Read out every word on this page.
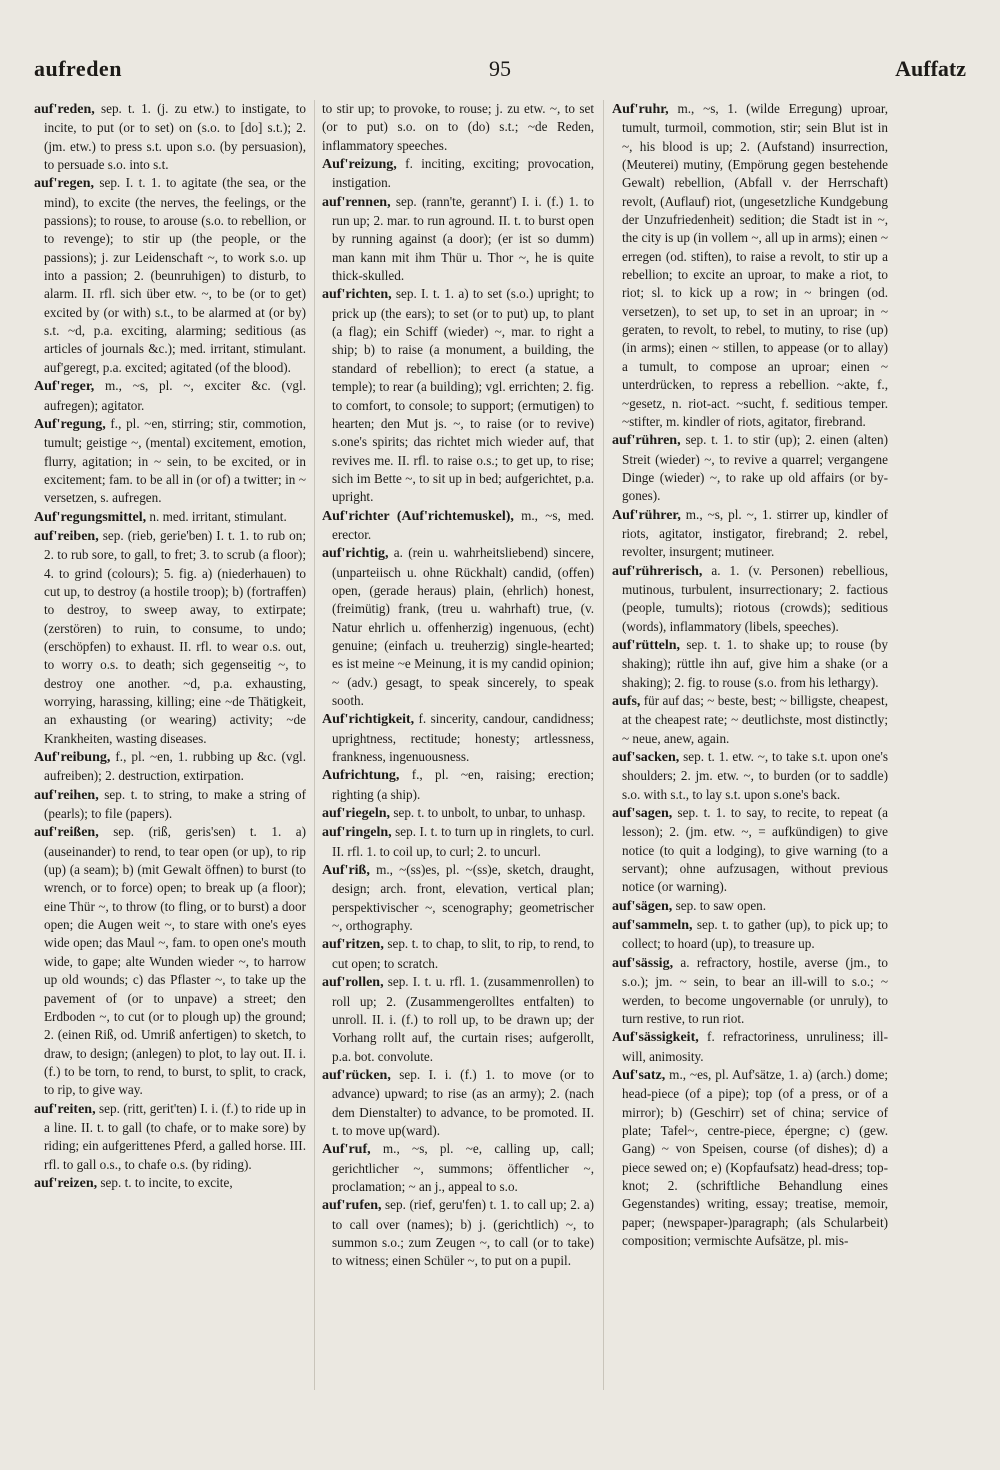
aufreden	95	Auffatz

auf'reden, sep. t. 1. (j. zu etw.) to instigate, to incite, to put (or to set) on (s.o. to [do] s.t.); 2. (jm. etw.) to press s.t. upon s.o. (by persuasion), to persuade s.o. into s.t.

auf'regen, sep. I. t. 1. to agitate (the sea, or the mind), to excite (the nerves, the feelings, or the passions); to rouse, to arouse (s.o. to rebellion, or to revenge); to stir up (the people, or the passions); j. zur Leidenschaft ~, to work s.o. up into a passion; 2. (beunruhigen) to disturb, to alarm. II. rfl. sich über etw. ~, to be (or to get) excited by (or with) s.t., to be alarmed at (or by) s.t. ~d, p.a. exciting, alarming; seditious (as articles of journals &c.); med. irritant, stimulant. auf'geregt, p.a. excited; agitated (of the blood).

Auf'reger, m., ~s, pl. ~, exciter &c. (vgl. aufregen); agitator.

Auf'regung, f., pl. ~en, stirring; stir, commotion, tumult; geistige ~, (mental) excitement, emotion, flurry, agitation; in ~ sein, to be excited, or in excitement; fam. to be all in (or of) a twitter; in ~ versetzen, s. aufregen.

Auf'regungsmittel, n. med. irritant, stimulant.

auf'reiben, sep. (rieb, gerie'ben) I. t. 1. to rub on; 2. to rub sore, to gall, to fret; 3. to scrub (a floor); 4. to grind (colours); 5. fig. a) (niederhauen) to cut up, to destroy (a hostile troop); b) (fortraffen) to destroy, to sweep away, to extirpate; (zerstören) to ruin, to consume, to undo; (erschöpfen) to exhaust. II. rfl. to wear o.s. out, to worry o.s. to death; sich gegenseitig ~, to destroy one another. ~d, p.a. exhausting, worrying, harassing, killing; eine ~de Thätigkeit, an exhausting (or wearing) activity; ~de Krankheiten, wasting diseases.

Auf'reibung, f., pl. ~en, 1. rubbing up &c. (vgl. aufreiben); 2. destruction, extirpation.

auf'reihen, sep. t. to string, to make a string of (pearls); to file (papers).

auf'reißen, sep. (riß, geris'sen) t. 1. a) (auseinander) to rend, to tear open (or up), to rip (up) (a seam); b) (mit Gewalt öffnen) to burst (to wrench, or to force) open; to break up (a floor); eine Thür ~, to throw (to fling, or to burst) a door open; die Augen weit ~, to stare with one's eyes wide open; das Maul ~, fam. to open one's mouth wide, to gape; alte Wunden wieder ~, to harrow up old wounds; c) das Pflaster ~, to take up the pavement of (or to unpave) a street; den Erdboden ~, to cut (or to plough up) the ground; 2. (einen Riß, od. Umriß anfertigen) to sketch, to draw, to design; (anlegen) to plot, to lay out. II. i. (f.) to be torn, to rend, to burst, to split, to crack, to rip, to give way.

auf'reiten, sep. (ritt, gerit'ten) I. i. (f.) to ride up in a line. II. t. to gall (to chafe, or to make sore) by riding; ein aufgerittenes Pferd, a galled horse. III. rfl. to gall o.s., to chafe o.s. (by riding).

auf'reizen, sep. t. to incite, to excite,

to stir up; to provoke, to rouse; j. zu etw. ~, to set (or to put) s.o. on to (do) s.t.; ~de Reden, inflammatory speeches.

Auf'reizung, f. inciting, exciting; provocation, instigation.

auf'rennen, sep. (rann'te, gerannt') I. i. (f.) 1. to run up; 2. mar. to run aground. II. t. to burst open by running against (a door); (er ist so dumm) man kann mit ihm Thür u. Thor ~, he is quite thick-skulled.

auf'richten, sep. I. t. 1. a) to set (s.o.) upright; to prick up (the ears); to set (or to put) up, to plant (a flag); ein Schiff (wieder) ~, mar. to right a ship; b) to raise (a monument, a building, the standard of rebellion); to erect (a statue, a temple); to rear (a building); vgl. errichten; 2. fig. to comfort, to console; to support; (ermutigen) to hearten; den Mut js. ~, to raise (or to revive) s.one's spirits; das richtet mich wieder auf, that revives me. II. rfl. to raise o.s.; to get up, to rise; sich im Bette ~, to sit up in bed; aufgerichtet, p.a. upright.

Auf'richter (Auf'richtemuskel), m., ~s, med. erector.

auf'richtig, a. (rein u. wahrheitsliebend) sincere, (unparteiisch u. ohne Rückhalt) candid, (offen) open, (gerade heraus) plain, (ehrlich) honest, (freimütig) frank, (treu u. wahrhaft) true, (v. Natur ehrlich u. offenherzig) ingenuous, (echt) genuine; (einfach u. treuherzig) single-hearted; es ist meine ~e Meinung, it is my candid opinion; ~ (adv.) gesagt, to speak sincerely, to speak sooth.

Auf'richtigkeit, f. sincerity, candour, candidness; uprightness, rectitude; honesty; artlessness, frankness, ingenuousness.

Aufrichtung, f., pl. ~en, raising; erection; righting (a ship).

auf'riegeln, sep. t. to unbolt, to unbar, to unhasp.

auf'ringeln, sep. I. t. to turn up in ringlets, to curl. II. rfl. 1. to coil up, to curl; 2. to uncurl.

Auf'riß, m., ~(ss)es, pl. ~(ss)e, sketch, draught, design; arch. front, elevation, vertical plan; perspektivischer ~, scenography; geometrischer ~, orthography.

auf'ritzen, sep. t. to chap, to slit, to rip, to rend, to cut open; to scratch.

auf'rollen, sep. I. t. u. rfl. 1. (zusammenrollen) to roll up; 2. (Zusammengerolltes entfalten) to unroll. II. i. (f.) to roll up, to be drawn up; der Vorhang rollt auf, the curtain rises; aufgerollt, p.a. bot. convolute.

auf'rücken, sep. I. i. (f.) 1. to move (or to advance) upward; to rise (as an army); 2. (nach dem Dienstalter) to advance, to be promoted. II. t. to move up(ward).

Auf'ruf, m., ~s, pl. ~e, calling up, call; gerichtlicher ~, summons; öffentlicher ~, proclamation; ~ an j., appeal to s.o.

auf'rufen, sep. (rief, geru'fen) t. 1. to call up; 2. a) to call over (names); b) j. (gerichtlich) ~, to summon s.o.; zum Zeugen ~, to call (or to take) to witness; einen Schüler ~, to put on a pupil.

Auf'ruhr, m., ~s, 1. (wilde Erregung) uproar, tumult, turmoil, commotion, stir; sein Blut ist in ~, his blood is up; 2. (Aufstand) insurrection, (Meuterei) mutiny, (Empörung gegen bestehende Gewalt) rebellion, (Abfall v. der Herrschaft) revolt, (Auflauf) riot, (ungesetzliche Kundgebung der Unzufriedenheit) sedition; die Stadt ist in ~, the city is up (in vollem ~, all up in arms); einen ~ erregen (od. stiften), to raise a revolt, to stir up a rebellion; to excite an uproar, to make a riot, to riot; sl. to kick up a row; in ~ bringen (od. versetzen), to set up, to set in an uproar; in ~ geraten, to revolt, to rebel, to mutiny, to rise (up) (in arms); einen ~ stillen, to appease (or to allay) a tumult, to compose an uproar; einen ~ unterdrücken, to repress a rebellion. ~akte, f., ~gesetz, n. riot-act. ~sucht, f. seditious temper. ~stifter, m. kindler of riots, agitator, firebrand.

auf'rühren, sep. t. 1. to stir (up); 2. einen (alten) Streit (wieder) ~, to revive a quarrel; vergangene Dinge (wieder) ~, to rake up old affairs (or by-gones).

Auf'rührer, m., ~s, pl. ~, 1. stirrer up, kindler of riots, agitator, instigator, firebrand; 2. rebel, revolter, insurgent; mutineer.

auf'rührerisch, a. 1. (v. Personen) rebellious, mutinous, turbulent, insurrectionary; 2. factious (people, tumults); riotous (crowds); seditious (words), inflammatory (libels, speeches).

auf'rütteln, sep. t. 1. to shake up; to rouse (by shaking); rüttle ihn auf, give him a shake (or a shaking); 2. fig. to rouse (s.o. from his lethargy).

aufs, für auf das; ~ beste, best; ~ billigste, cheapest, at the cheapest rate; ~ deutlichste, most distinctly; ~ neue, anew, again.

auf'sacken, sep. t. 1. etw. ~, to take s.t. upon one's shoulders; 2. jm. etw. ~, to burden (or to saddle) s.o. with s.t., to lay s.t. upon s.one's back.

auf'sagen, sep. t. 1. to say, to recite, to repeat (a lesson); 2. (jm. etw. ~, = aufkündigen) to give notice (to quit a lodging), to give warning (to a servant); ohne aufzusagen, without previous notice (or warning).

auf'sägen, sep. to saw open.

auf'sammeln, sep. t. to gather (up), to pick up; to collect; to hoard (up), to treasure up.

auf'sässig, a. refractory, hostile, averse (jm., to s.o.); jm. ~ sein, to bear an ill-will to s.o.; ~ werden, to become ungovernable (or unruly), to turn restive, to run riot.

Auf'sässigkeit, f. refractoriness, unruliness; ill-will, animosity.

Auf'satz, m., ~es, pl. Auf'sätze, 1. a) (arch.) dome; head-piece (of a pipe); top (of a press, or of a mirror); b) (Geschirr) set of china; service of plate; Tafel~, centre-piece, épergne; c) (gew. Gang) ~ von Speisen, course (of dishes); d) a piece sewed on; e) (Kopfaufsatz) head-dress; top-knot; 2. (schriftliche Behandlung eines Gegenstandes) writing, essay; treatise, memoir, paper; (newspaper-)paragraph; (als Schularbeit) composition; vermischte Aufsätze, pl. mis-
